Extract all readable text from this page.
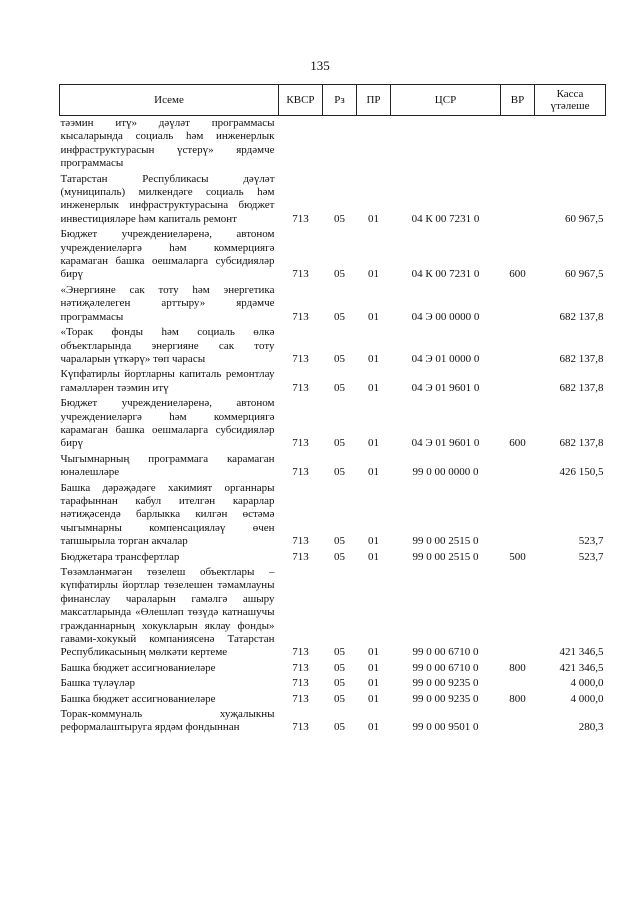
135
Исеме	КВСР	Рз	ПР	ЦСР	ВР	Касса
үтәлеше

тәэмин итү» дәүләт программасы кысаларында социаль һәм инженерлык инфраструктурасын үстерү» ярдәмче программасы						
Татарстан Республикасы дәүләт (муниципаль) милкендәге социаль һәм инженерлык инфраструктурасына бюджет инвестицияләре һәм капиталь ремонт	713	05	01	04 К 00 7231 0		60 967,5
Бюджет учреждениеләренә, автоном учреждениеләргә һәм коммерциягә карамаган башка оешмаларга субсидияләр бирү	713	05	01	04 К 00 7231 0	600	60 967,5
«Энергияне сак тоту һәм энергетика нәтиҗәлелеген арттыру» ярдәмче программасы	713	05	01	04 Э 00 0000 0		682 137,8
«Торак фонды һәм социаль өлкә объектларында энергияне сак тоту чараларын үткәрү» төп чарасы	713	05	01	04 Э 01 0000 0		682 137,8
Күпфатирлы йортларны капиталь ремонтлау гамәлләрен тәэмин итү	713	05	01	04 Э 01 9601 0		682 137,8
Бюджет учреждениеләренә, автоном учреждениеләргә һәм коммерциягә карамаган башка оешмаларга субсидияләр бирү	713	05	01	04 Э 01 9601 0	600	682 137,8
Чыгымнарның программага карамаган юнәлешләре	713	05	01	99 0 00 0000 0		426 150,5
Башка дәрәҗәдәге хакимият органнары тарафыннан кабул ителгән карарлар нәтиҗәсендә барлыкка килгән өстәмә чыгымнарны компенсацияләү өчен тапшырыла торган акчалар	713	05	01	99 0 00 2515 0		523,7
Бюджетара трансфертлар	713	05	01	99 0 00 2515 0	500	523,7
Төзәмләнмәгән төзелеш объектлары – күпфатирлы йортлар төзелешен тәмамлауны финанслау чараларын гамәлгә ашыру максатларында «Өлешләп төзүдә катнашучы гражданнарның хокукларын яклау фонды» гавами-хокукый компаниясенә Татарстан Республикасының мөлкәти кертеме	713	05	01	99 0 00 6710 0		421 346,5
Башка бюджет ассигнованиеләре	713	05	01	99 0 00 6710 0	800	421 346,5
Башка түләүләр	713	05	01	99 0 00 9235 0		4 000,0
Башка бюджет ассигнованиеләре	713	05	01	99 0 00 9235 0	800	4 000,0
Торак-коммуналь хуҗалыкны реформалаштыруга ярдәм фондыннан	713	05	01	99 0 00 9501 0		280,3
